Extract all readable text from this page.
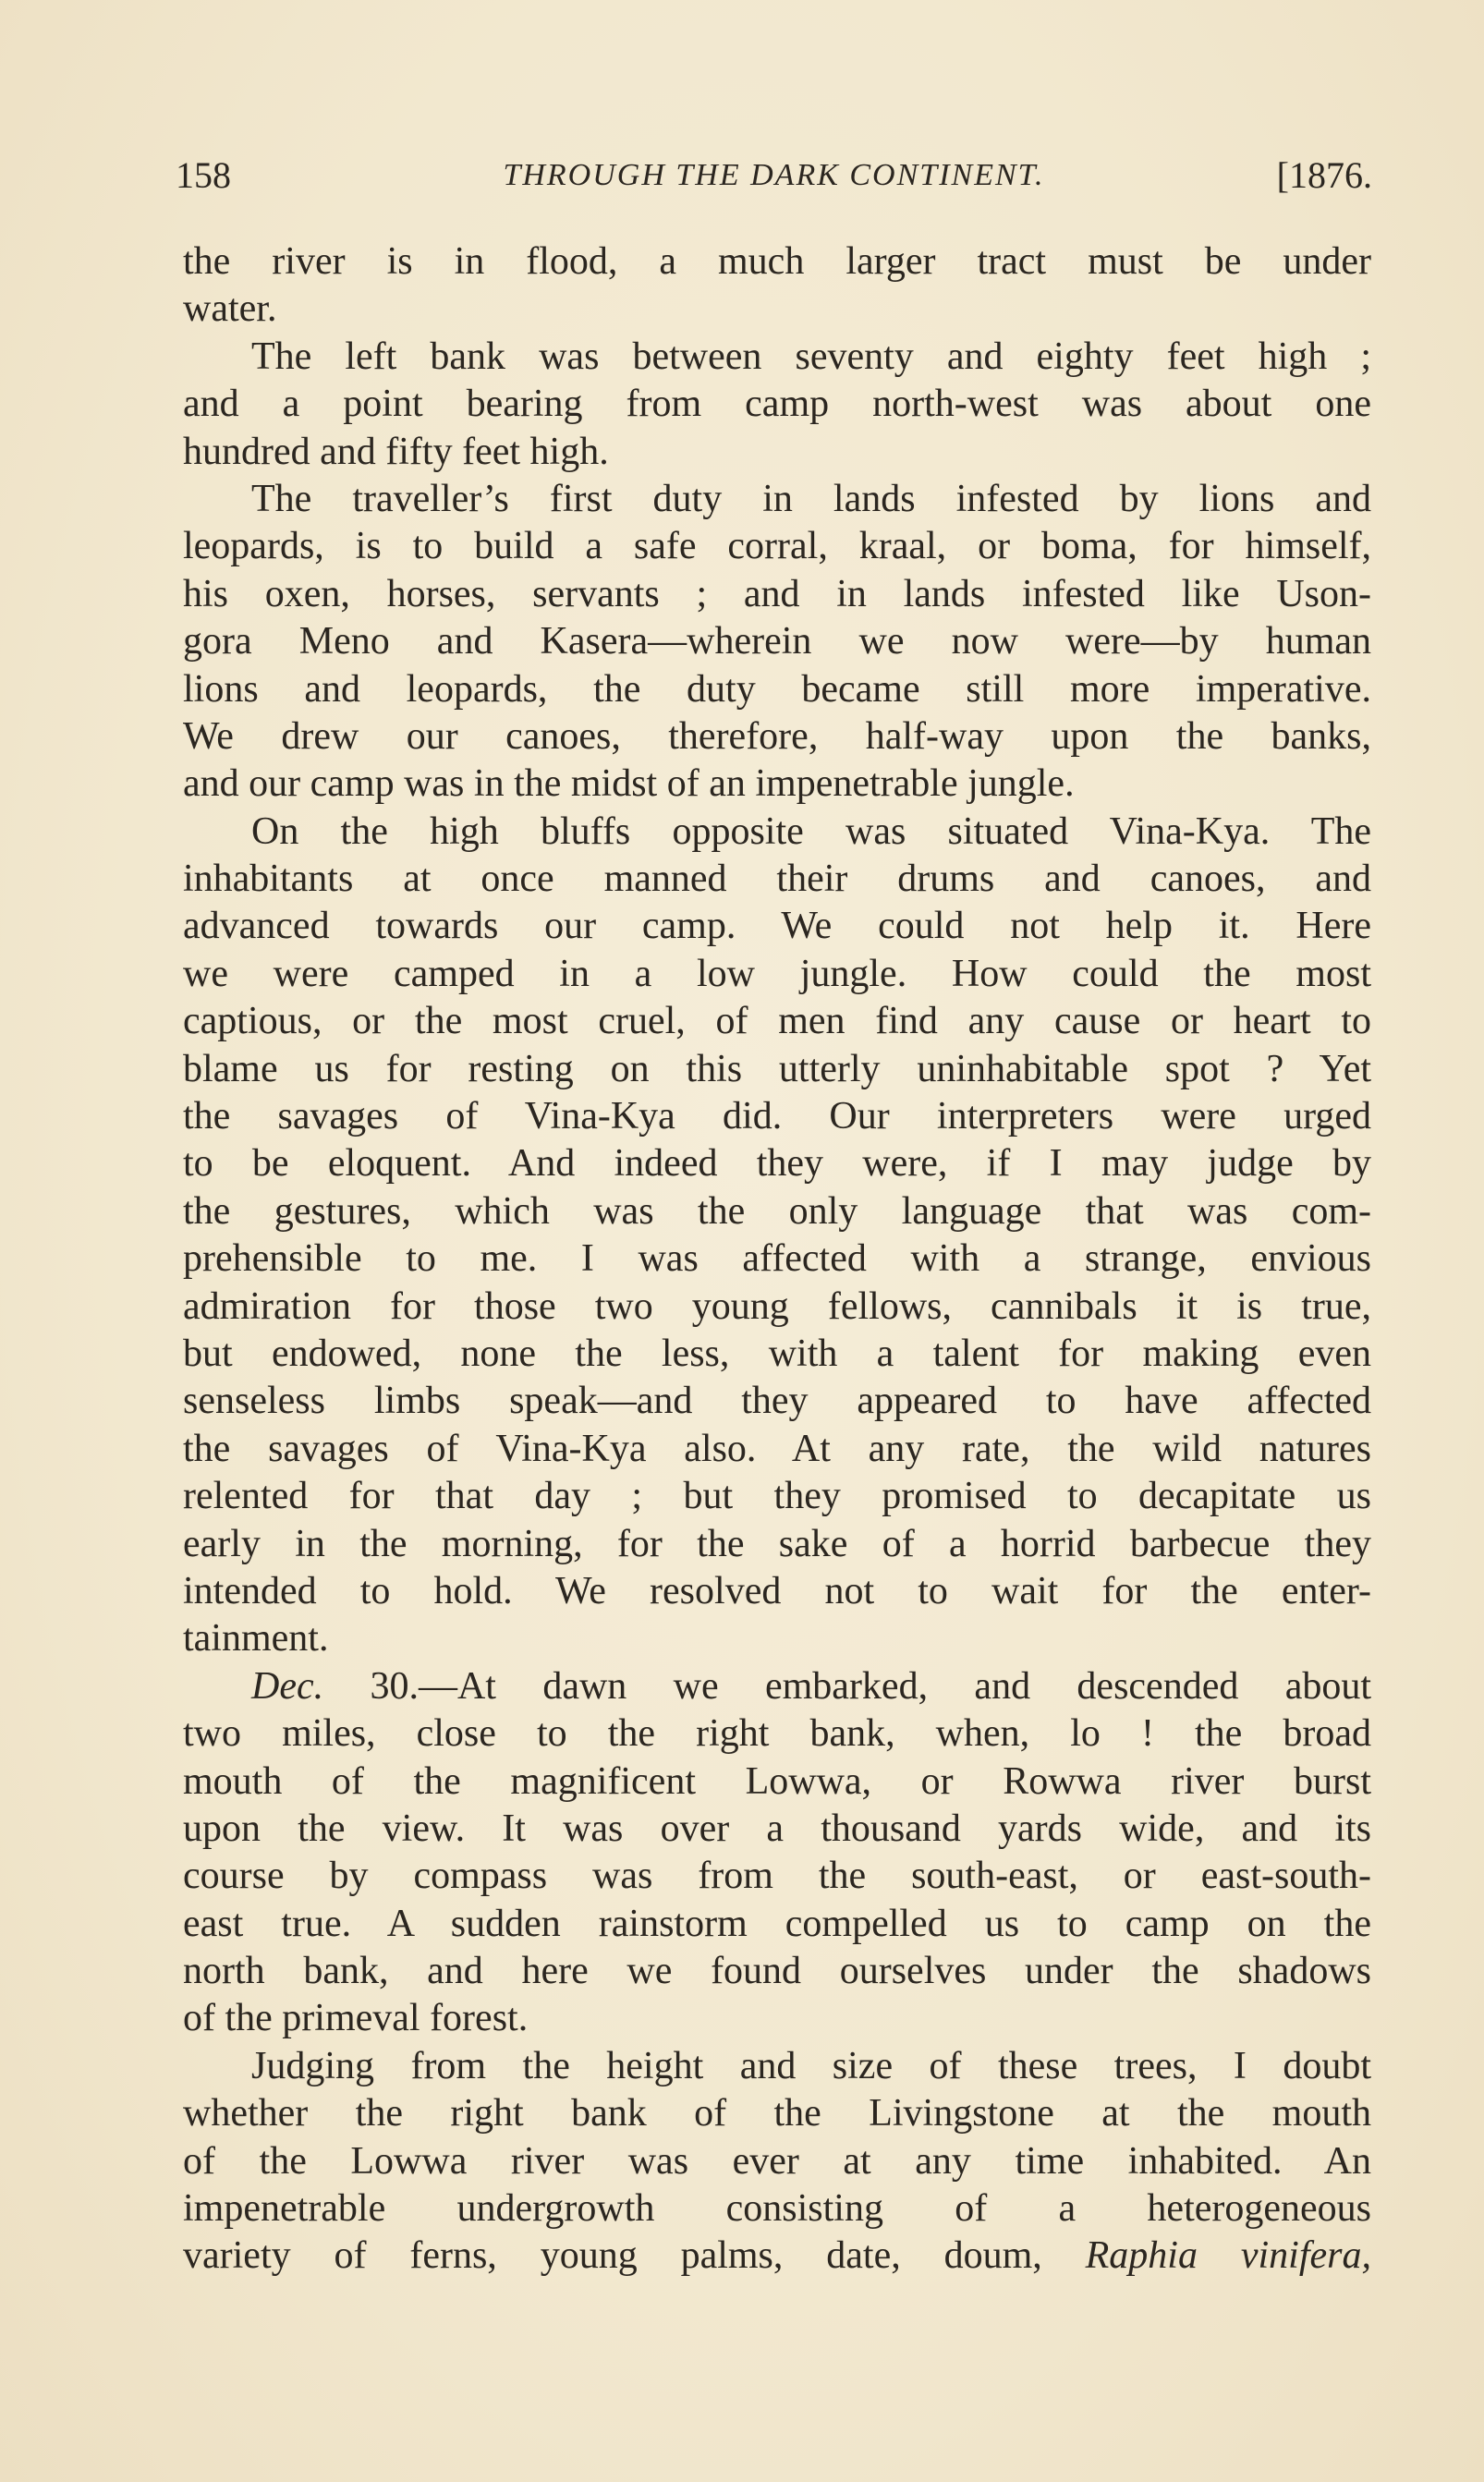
158	THROUGH THE DARK CONTINENT.	[1876.
the river is in flood, a much larger tract must be under
water.
The left bank was between seventy and eighty feet high ;
and a point bearing from camp north-west was about one
hundred and fifty feet high.
The traveller’s first duty in lands infested by lions and
leopards, is to build a safe corral, kraal, or boma, for himself,
his oxen, horses, servants ; and in lands infested like Uson-
gora Meno and Kasera—wherein we now were—by human
lions and leopards, the duty became still more imperative.
We drew our canoes, therefore, half-way upon the banks,
and our camp was in the midst of an impenetrable jungle.
On the high bluffs opposite was situated Vina-Kya. The
inhabitants at once manned their drums and canoes, and
advanced towards our camp. We could not help it. Here
we were camped in a low jungle. How could the most
captious, or the most cruel, of men find any cause or heart to
blame us for resting on this utterly uninhabitable spot ? Yet
the savages of Vina-Kya did. Our interpreters were urged
to be eloquent. And indeed they were, if I may judge by
the gestures, which was the only language that was com-
prehensible to me. I was affected with a strange, envious
admiration for those two young fellows, cannibals it is true,
but endowed, none the less, with a talent for making even
senseless limbs speak—and they appeared to have affected
the savages of Vina-Kya also. At any rate, the wild natures
relented for that day ; but they promised to decapitate us
early in the morning, for the sake of a horrid barbecue they
intended to hold. We resolved not to wait for the enter-
tainment.
Dec. 30.—At dawn we embarked, and descended about
two miles, close to the right bank, when, lo ! the broad
mouth of the magnificent Lowwa, or Rowwa river burst
upon the view. It was over a thousand yards wide, and its
course by compass was from the south-east, or east-south-
east true. A sudden rainstorm compelled us to camp on the
north bank, and here we found ourselves under the shadows
of the primeval forest.
Judging from the height and size of these trees, I doubt
whether the right bank of the Livingstone at the mouth
of the Lowwa river was ever at any time inhabited. An
impenetrable undergrowth consisting of a heterogeneous
variety of ferns, young palms, date, doum, Raphia vinifera,
